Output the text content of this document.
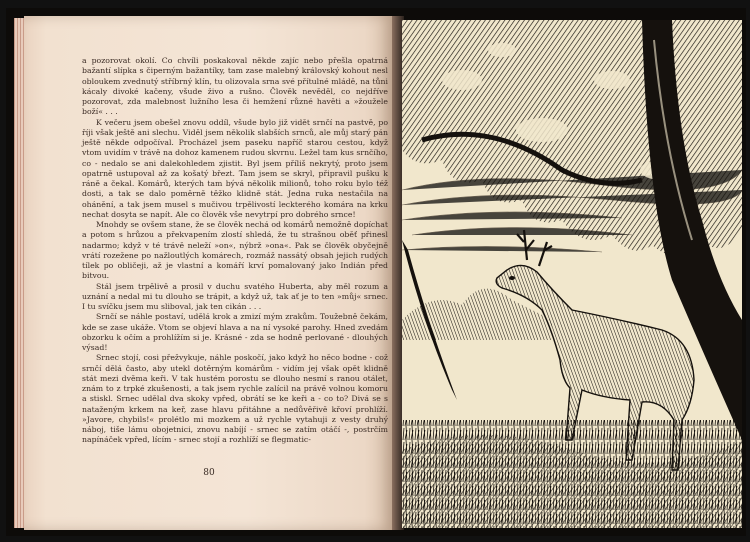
a pozorovat okolí. Co chvíli poskakoval někde zajíc nebo přešla opatrná bažantí slípka s čiperným bažantíky, tam zase malebný královský kohout nesl obloukem zvednutý stříbrný klín, tu olizovala srna své přítulné mládě, na tůni kácaly divoké kačeny, všude živo a rušno. Člověk nevěděl, co nejdříve pozorovat, zda malebnost lužního lesa či hemžení různé havěti a »žoužele boží« . . .

K večeru jsem obešel znovu oddíl, všude bylo již vidět srnčí na pastvě, po říji však ještě ani slechu. Viděl jsem několik slabších srnců, ale můj starý pán ještě někde odpočíval. Procházel jsem paseku napříč starou cestou, když vtom uvidím v trávě na dohoz kamenem rudou skvrnu. Ležel tam kus srnčího, co - nedalo se ani dalekohledem zjistit. Byl jsem příliš nekrytý, proto jsem opatrně ustupoval až za košatý březt. Tam jsem se skryl, připravil pušku k ráně a čekal. Komárů, kterých tam bývá několik milionů, toho roku bylo též dosti, a tak se dalo poměrně těžko klidně stát. Jedna ruka nestačila na ohánění, a tak jsem musel s mučivou trpělivostí leckterého komára na krku nechat dosyta se napít. Ale co člověk vše nevytrpí pro dobrého srnce!

Mnohdy se ovšem stane, že se člověk nechá od komárů nemožně dopíchat a potom s hrůzou a překvapením zlostí shledá, že tu strašnou oběť přinesl nadarmo; když v té trávě neleží »on«, nýbrž »ona«. Pak se člověk obyčejně vrátí rozežene po nažloutlých komárech, rozmáž nassátý obsah jejich rudých tílek po obličeji, až je vlastní a komáří krví pomalovaný jako Indián před bitvou.

Stál jsem trpělivě a prosil v duchu svatého Huberta, aby měl rozum a uznání a nedal mi tu dlouho se trápit, a když už, tak ať je to ten »můj« srnec. I tu svíčku jsem mu sliboval, jak ten cikán . . .

Srnčí se náhle postaví, udělá krok a zmizí mým zrakům. Toužebně čekám, kde se zase ukáže. Vtom se objeví hlava a na ní vysoké parohy. Hned zvedám obzorku k očím a prohlížím si je. Krásné - zda se hodně perlované - dlouhých výsad!

Srnec stojí, cosi přežvykuje, náhle poskočí, jako když ho něco bodne - což srnčí dělá často, aby utekl dotěrným komárům - vidím jej však opět klidně stát mezi dvěma keři. V tak hustém porostu se dlouho nesmí s ranou otálet, znám to z trpké zkušenosti, a tak jsem rychle zalícil na právě volnou komoru a stiskl. Srnec udělal dva skoky vpřed, obrátí se ke keři a - co to? Divá se s nataženým krkem na keř, zase hlavu přitáhne a nedůvěřivě křoví prohlíží. »Javore, chybils!« prolétlo mi mozkem a už rychle vytahuji z vesty druhý náboj, tiše lámu obojetnici, znovu nabíjí - srnec se zatím otáčí -, postrčím napínáček vpřed, lícím - srnec stojí a rozhlíží se flegmatic-

80
